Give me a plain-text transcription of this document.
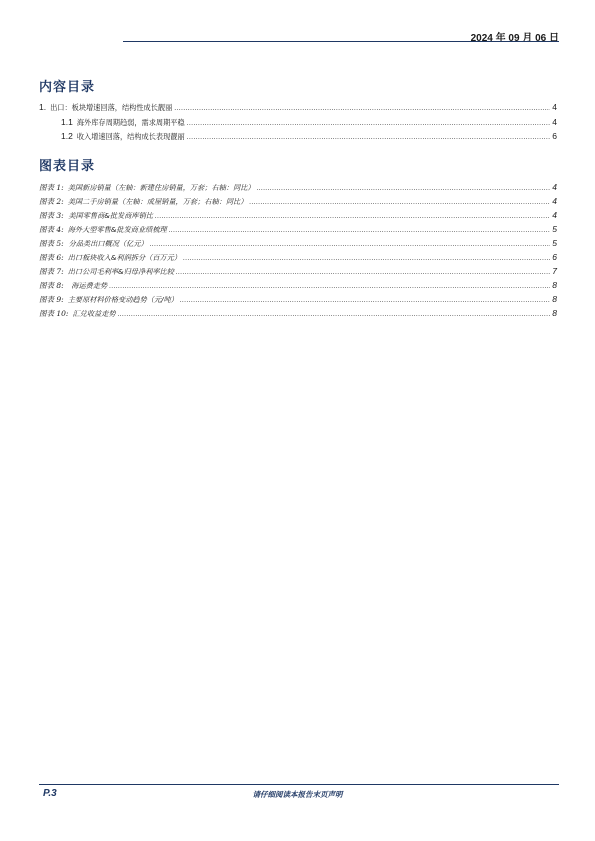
2024 年 09 月 06 日
内容目录
1. 出口：板块增速回落，结构性成长靓丽 .....	4
1.1 海外库存周期趋弱，需求周期平稳 .....	4
1.2 收入增速回落，结构成长表现靓丽 .....	6
图表目录
图表 1: 美国新房销量（左轴：新建住房销量，万套；右轴：同比） .....	4
图表 2: 美国二手房销量（左轴：成屋销量，万套；右轴：同比） .....	4
图表 3: 美国零售商&批发商库销比 .....	4
图表 4: 海外大型零售&批发商业绩梳理 .....	5
图表 5: 分品类出口概况（亿元） .....	5
图表 6: 出口板块收入&利润拆分（百万元） .....	6
图表 7: 出口公司毛利率&归母净利率比较 .....	7
图表 8:	海运费走势 .....	8
图表 9: 主要原材料价格变动趋势（元/吨） .....	8
图表 10: 汇兑收益走势 .....	8
P.3	请仔细阅读本报告末页声明
